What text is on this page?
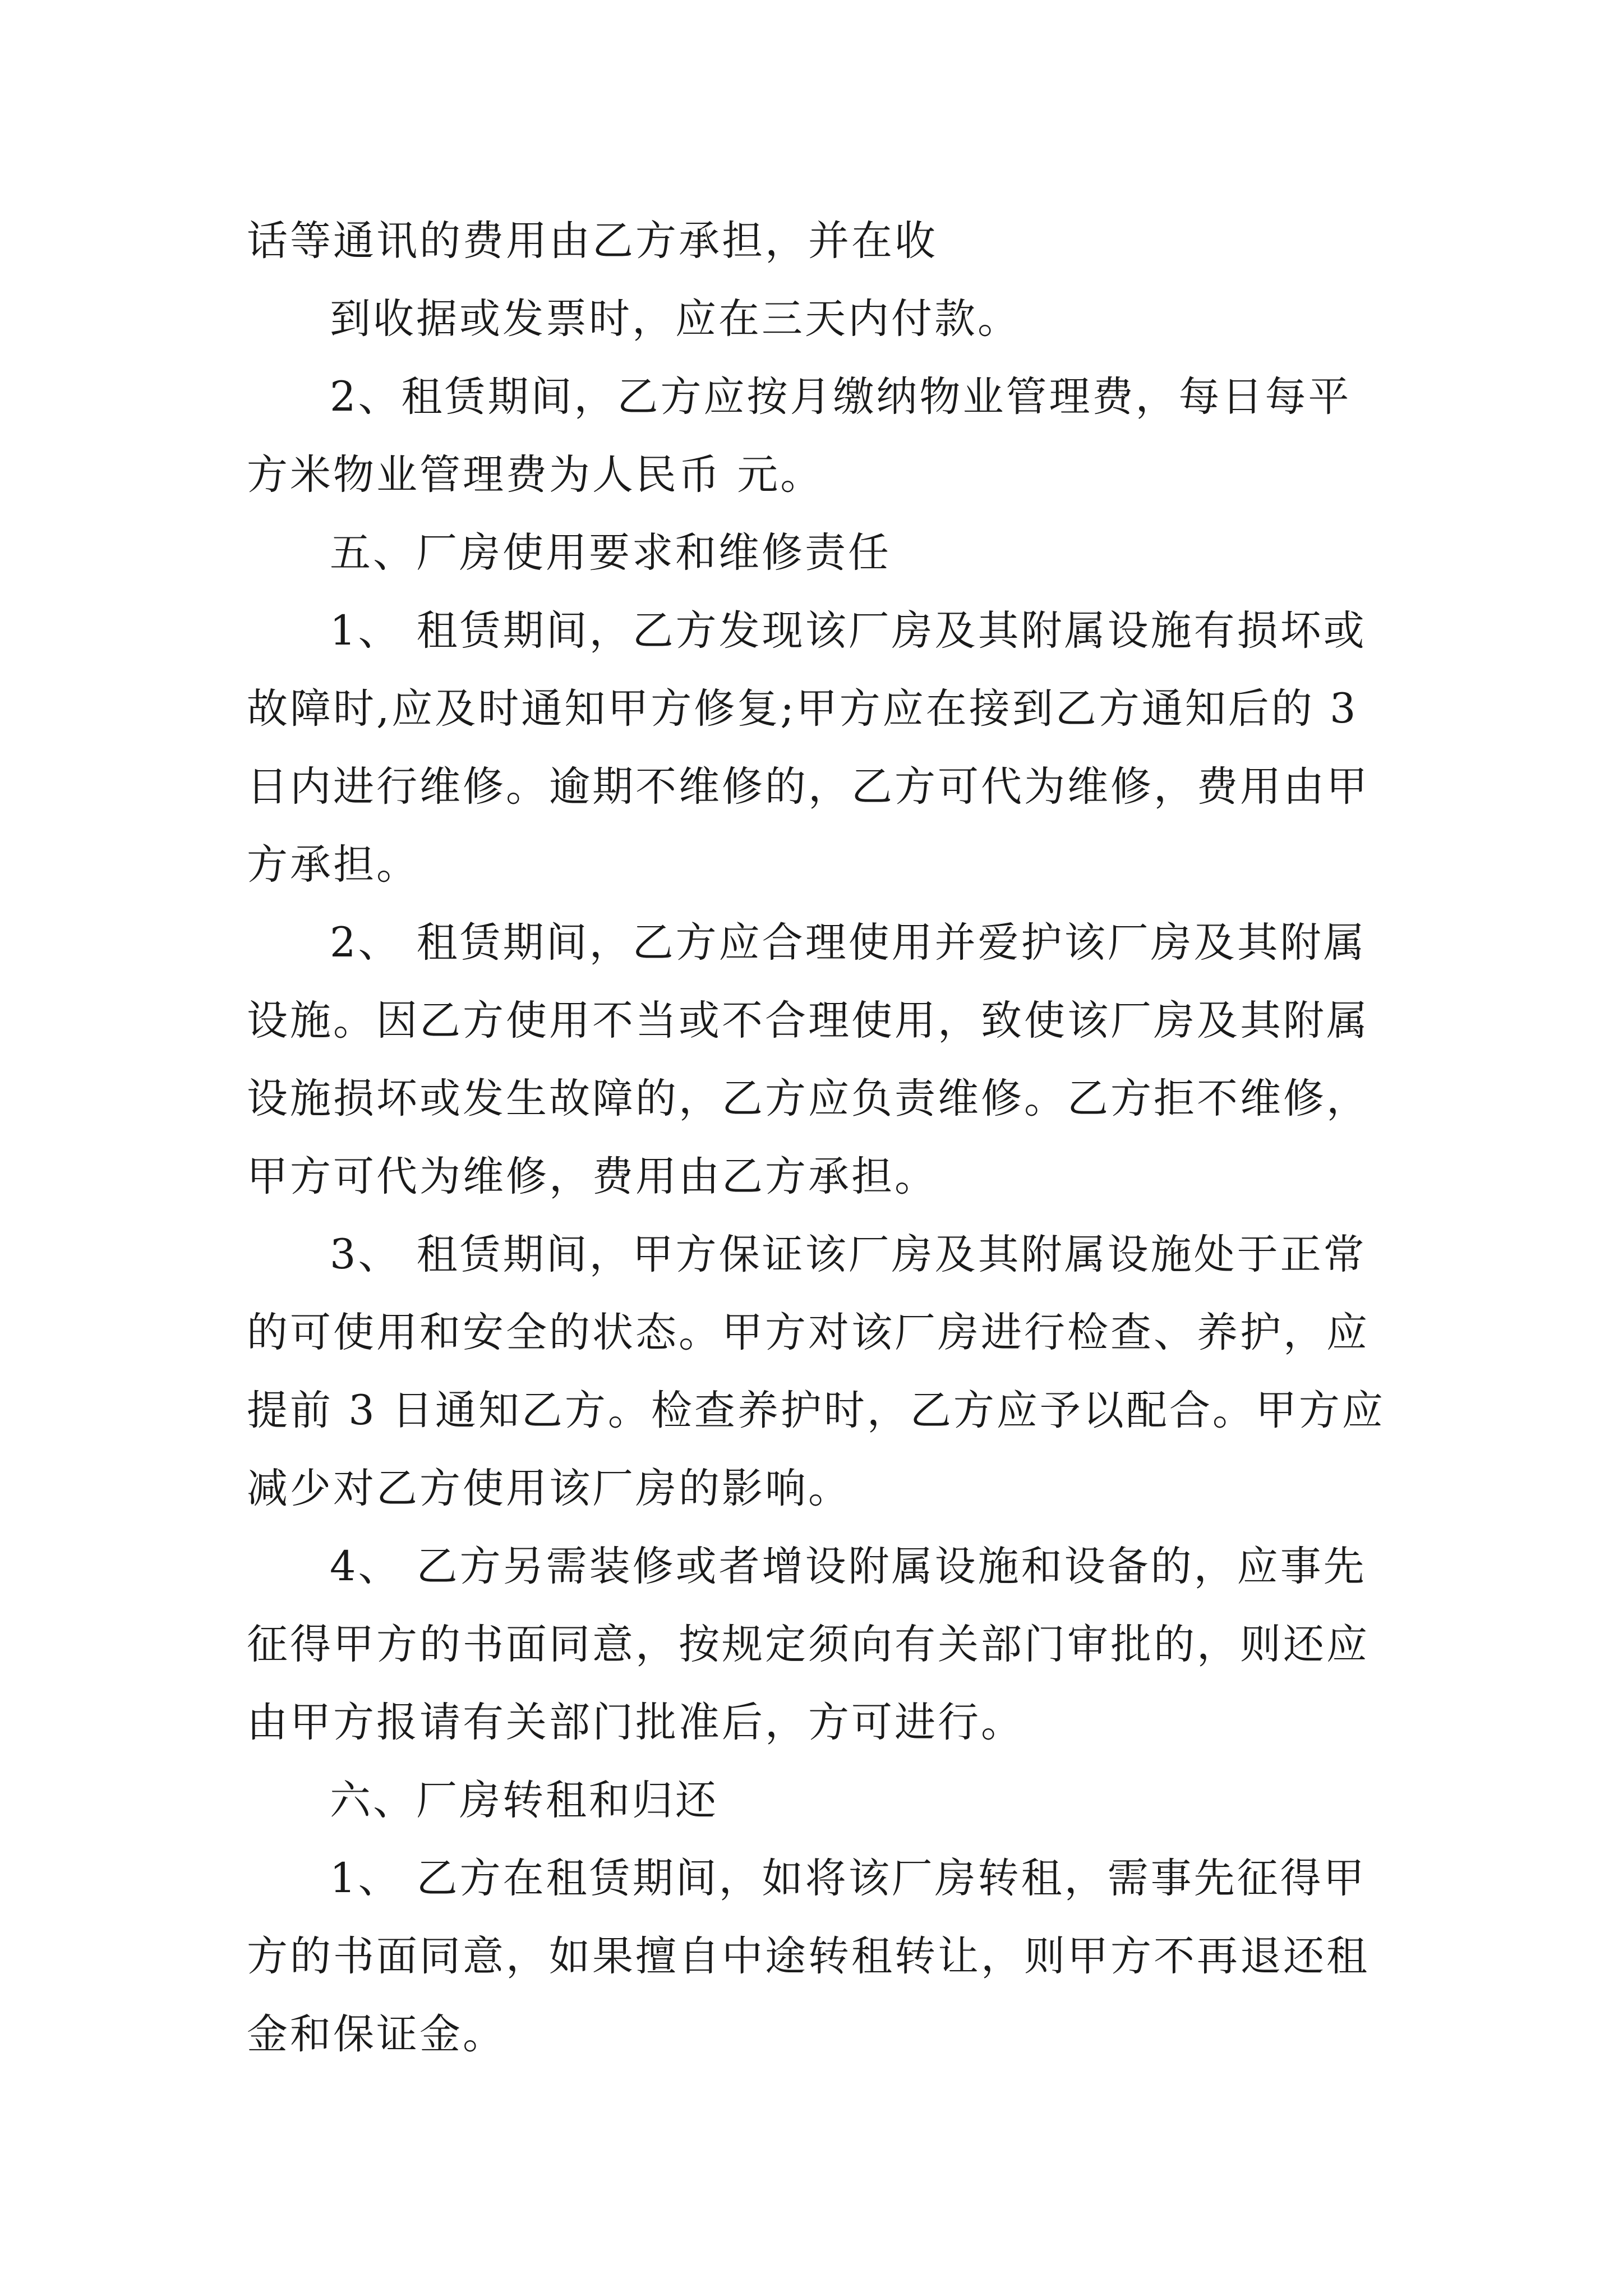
话等通讯的费用由乙方承担，并在收
到收据或发票时，应在三天内付款。
2、租赁期间，乙方应按月缴纳物业管理费，每日每平
方米物业管理费为人民币 元。
五、厂房使用要求和维修责任
1、 租赁期间，乙方发现该厂房及其附属设施有损坏或
故障时,应及时通知甲方修复;甲方应在接到乙方通知后的 3
日内进行维修。逾期不维修的，乙方可代为维修，费用由甲
方承担。
2、 租赁期间，乙方应合理使用并爱护该厂房及其附属
设施。因乙方使用不当或不合理使用，致使该厂房及其附属
设施损坏或发生故障的，乙方应负责维修。乙方拒不维修，
甲方可代为维修，费用由乙方承担。
3、 租赁期间，甲方保证该厂房及其附属设施处于正常
的可使用和安全的状态。甲方对该厂房进行检查、养护，应
提前 3 日通知乙方。检查养护时，乙方应予以配合。甲方应
减少对乙方使用该厂房的影响。
4、 乙方另需装修或者增设附属设施和设备的，应事先
征得甲方的书面同意，按规定须向有关部门审批的，则还应
由甲方报请有关部门批准后，方可进行。
六、厂房转租和归还
1、 乙方在租赁期间，如将该厂房转租，需事先征得甲
方的书面同意，如果擅自中途转租转让，则甲方不再退还租
金和保证金。
